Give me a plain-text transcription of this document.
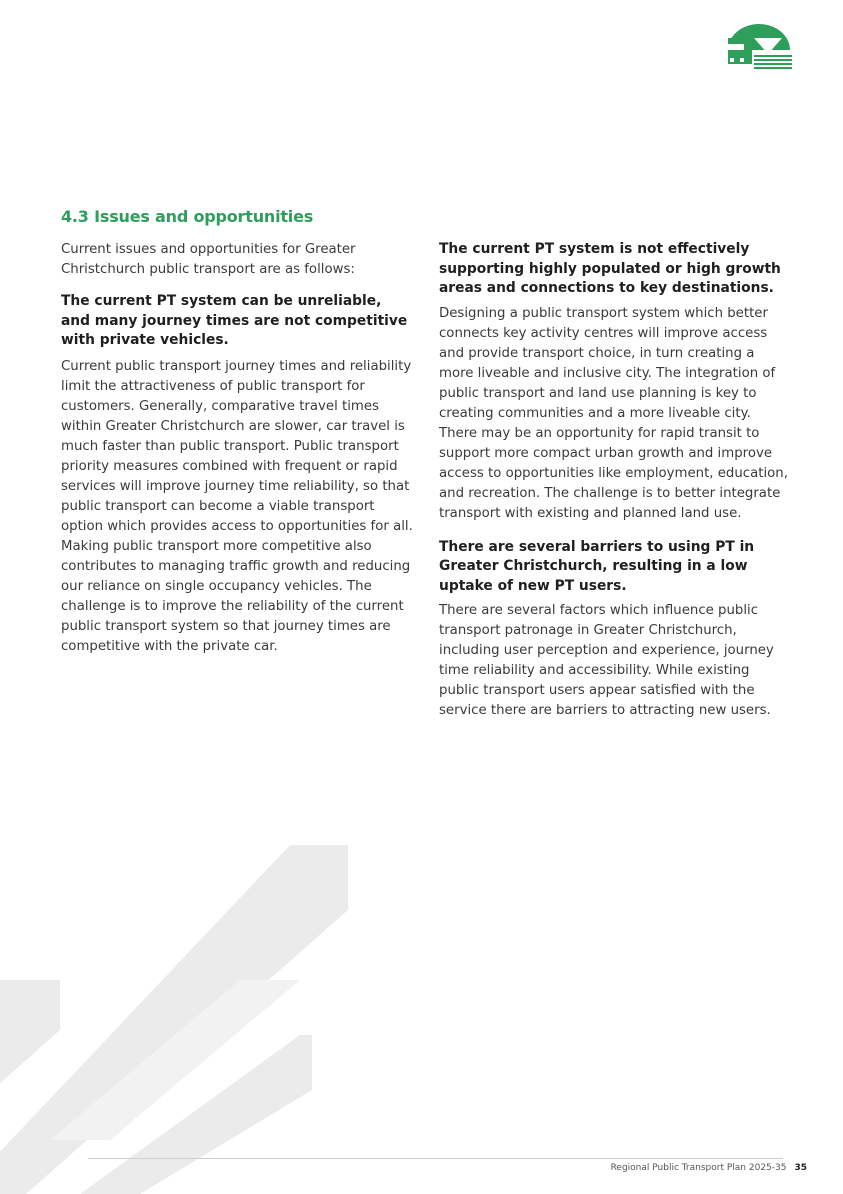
4.3 Issues and opportunities

Current issues and opportunities for Greater Christchurch public transport are as follows:

The current PT system can be unreliable, and many journey times are not competitive with private vehicles.

Current public transport journey times and reliability limit the attractiveness of public transport for customers. Generally, comparative travel times within Greater Christchurch are slower, car travel is much faster than public transport. Public transport priority measures combined with frequent or rapid services will improve journey time reliability, so that public transport can become a viable transport option which provides access to opportunities for all. Making public transport more competitive also contributes to managing traffic growth and reducing our reliance on single occupancy vehicles. The challenge is to improve the reliability of the current public transport system so that journey times are competitive with the private car.

The current PT system is not effectively supporting highly populated or high growth areas and connections to key destinations.

Designing a public transport system which better connects key activity centres will improve access and provide transport choice, in turn creating a more liveable and inclusive city. The integration of public transport and land use planning is key to creating communities and a more liveable city. There may be an opportunity for rapid transit to support more compact urban growth and improve access to opportunities like employment, education, and recreation. The challenge is to better integrate transport with existing and planned land use.

There are several barriers to using PT in Greater Christchurch, resulting in a low uptake of new PT users.

There are several factors which influence public transport patronage in Greater Christchurch, including user perception and experience, journey time reliability and accessibility. While existing public transport users appear satisfied with the service there are barriers to attracting new users.

Regional Public Transport Plan 2025-35 35
